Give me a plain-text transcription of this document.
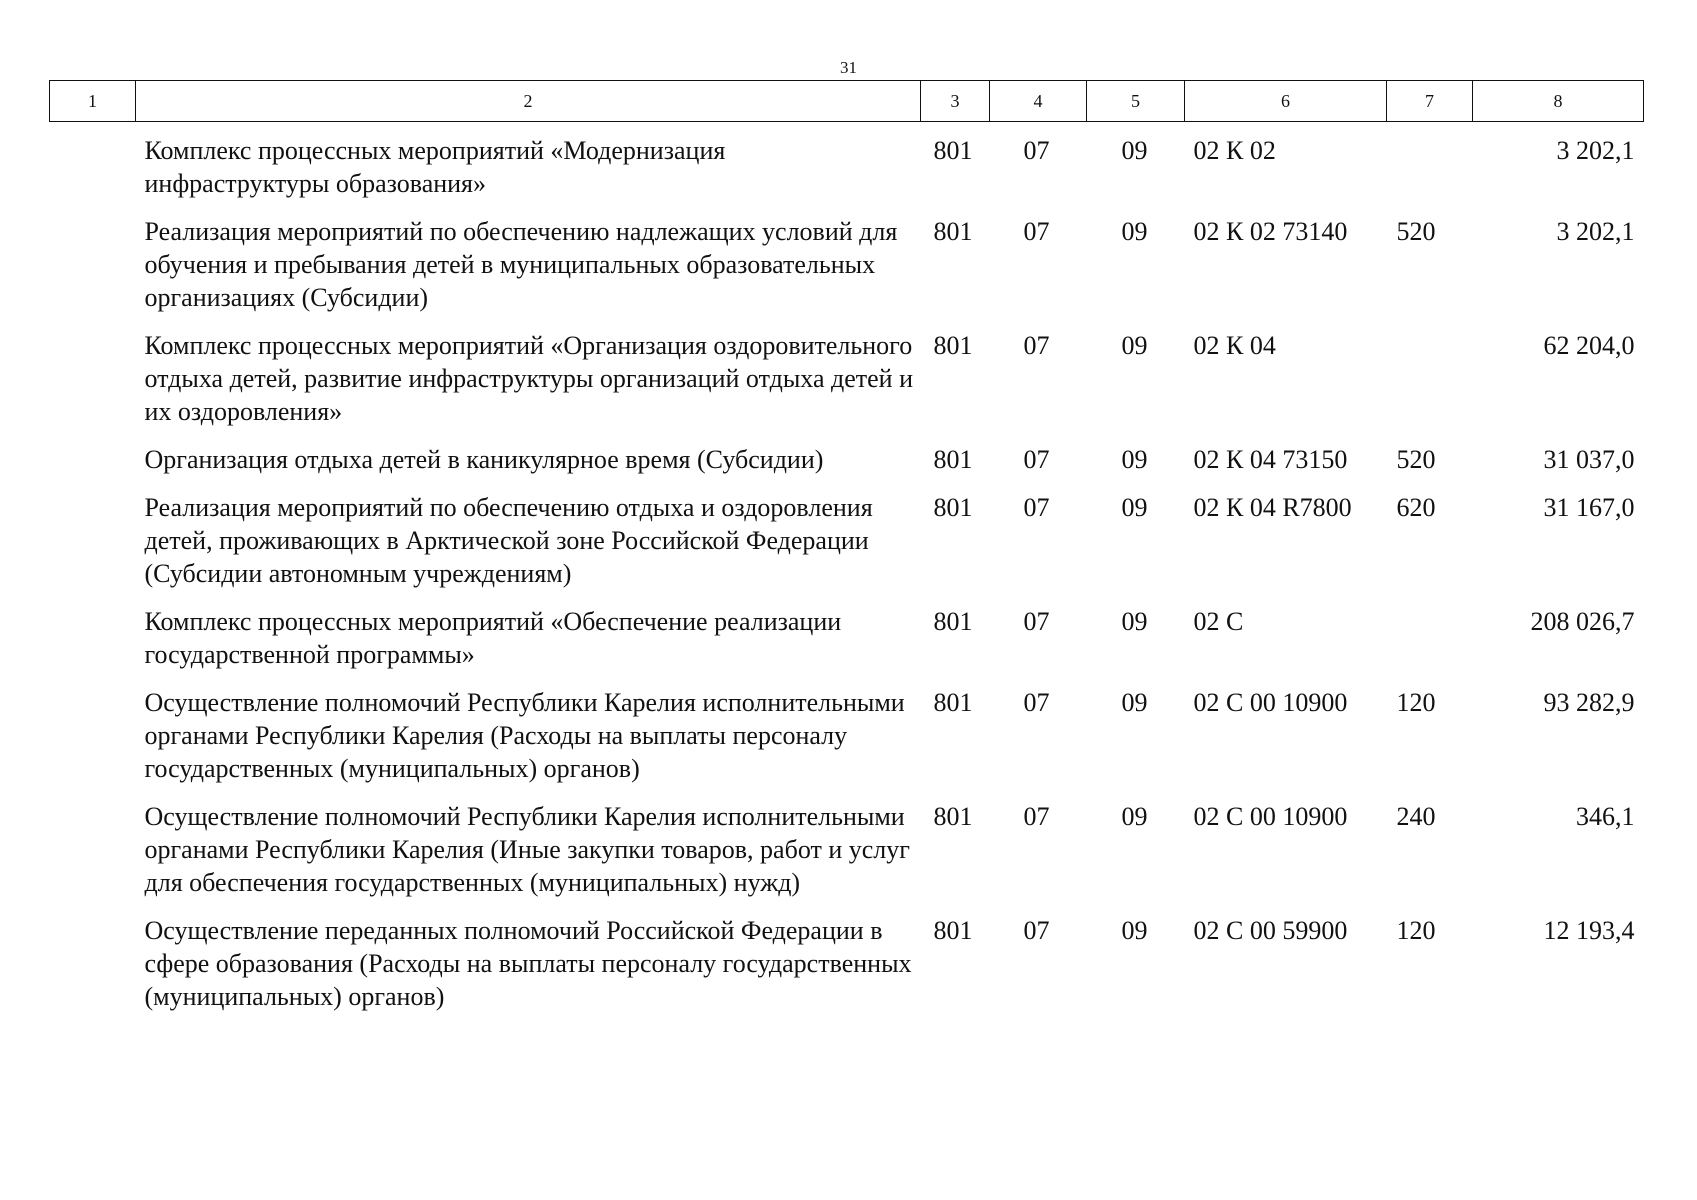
31
1	2	3	4	5	6	7	8
	Комплекс процессных мероприятий «Модернизация инфраструктуры образования»	801	07	09	02 К 02		3 202,1
	Реализация мероприятий по обеспечению надлежащих условий для обучения и пребывания детей в муниципальных образовательных организациях (Субсидии)	801	07	09	02 К 02 73140	520	3 202,1
	Комплекс процессных мероприятий «Организация оздоровительного отдыха детей, развитие инфраструктуры организаций отдыха детей и их оздоровления»	801	07	09	02 К 04		62 204,0
	Организация отдыха детей в каникулярное время (Субсидии)	801	07	09	02 К 04 73150	520	31 037,0
	Реализация мероприятий по обеспечению отдыха и оздоровления детей, проживающих в Арктической зоне Российской Федерации (Субсидии автономным учреждениям)	801	07	09	02 К 04 R7800	620	31 167,0
	Комплекс процессных мероприятий «Обеспечение реализации государственной программы»	801	07	09	02 С		208 026,7
	Осуществление полномочий Республики Карелия исполнительными органами Республики Карелия (Расходы на выплаты персоналу государственных (муниципальных) органов)	801	07	09	02 С 00 10900	120	93 282,9
	Осуществление полномочий Республики Карелия исполнительными органами Республики Карелия (Иные закупки товаров, работ и услуг для обеспечения государственных (муниципальных) нужд)	801	07	09	02 С 00 10900	240	346,1
	Осуществление переданных полномочий Российской Федерации в сфере образования (Расходы на выплаты персоналу государственных (муниципальных) органов)	801	07	09	02 С 00 59900	120	12 193,4
